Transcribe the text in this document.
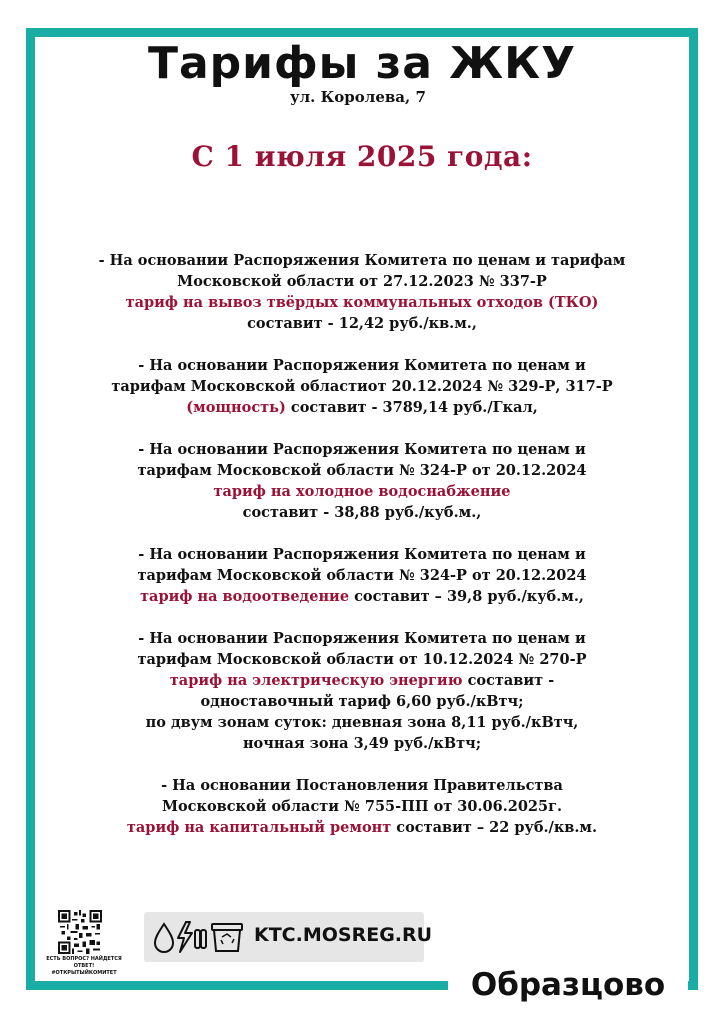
Тарифы за ЖКУ
ул. Королева, 7
С 1 июля 2025 года:
- На основании Распоряжения Комитета по ценам и тарифам
Московской области от 27.12.2023 № 337-Р
тариф на вывоз твёрдых коммунальных отходов (ТКО)
составит - 12,42 руб./кв.м.,
- На основании Распоряжения Комитета по ценам и
тарифам Московской областиот 20.12.2024 № 329-Р, 317-Р
(мощность) составит - 3789,14 руб./Гкал,
- На основании Распоряжения Комитета по ценам и
тарифам Московской области № 324-Р от 20.12.2024
тариф на холодное водоснабжение
составит - 38,88 руб./куб.м.,
- На основании Распоряжения Комитета по ценам и
тарифам Московской области № 324-Р от 20.12.2024
тариф на водоотведение составит – 39,8 руб./куб.м.,
- На основании Распоряжения Комитета по ценам и
тарифам Московской области от 10.12.2024 № 270-Р
тариф на электрическую энергию составит -
одноставочный тариф 6,60 руб./кВтч;
по двум зонам суток: дневная зона 8,11 руб./кВтч,
ночная зона 3,49 руб./кВтч;
- На основании Постановления Правительства
Московской области № 755-ПП от 30.06.2025г.
тариф на капитальный ремонт составит – 22 руб./кв.м.
ЕСТЬ ВОПРОС? НАЙДЕТСЯ ОТВЕТ!
#ОТКРЫТЫЙКОМИТЕТ
KTC.MOSREG.RU
Образцово
